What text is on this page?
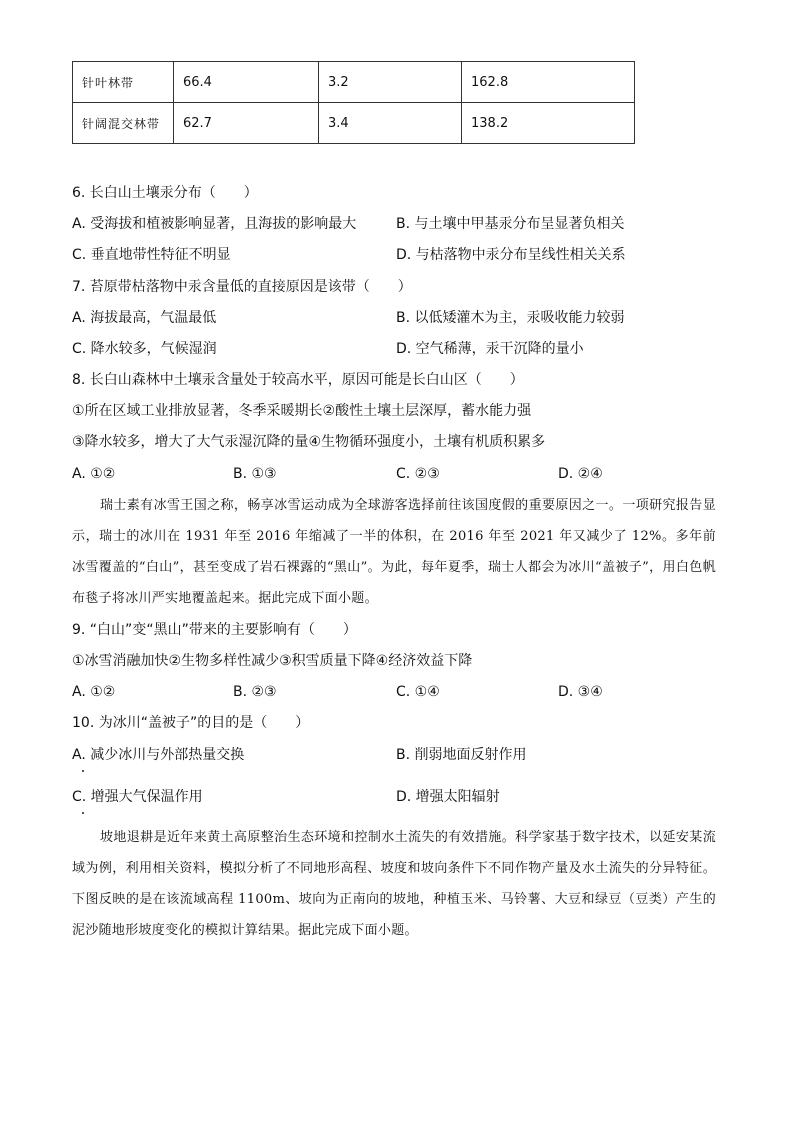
针叶林带	66.4	3.2	162.8
针阔混交林带	62.7	3.4	138.2
6. 长白山土壤汞分布（　　）
A. 受海拔和植被影响显著，且海拔的影响最大	B. 与土壤中甲基汞分布呈显著负相关
C. 垂直地带性特征不明显	D. 与枯落物中汞分布呈线性相关关系
7. 苔原带枯落物中汞含量低的直接原因是该带（　　）
A. 海拔最高，气温最低	B. 以低矮灌木为主，汞吸收能力较弱
C. 降水较多，气候湿润	D. 空气稀薄，汞干沉降的量小
8. 长白山森林中土壤汞含量处于较高水平，原因可能是长白山区（　　）
①所在区域工业排放显著，冬季采暖期长②酸性土壤土层深厚，蓄水能力强
③降水较多，增大了大气汞湿沉降的量④生物循环强度小，土壤有机质积累多
A. ①②	B. ①③	C. ②③	D. ②④
瑞士素有冰雪王国之称，畅享冰雪运动成为全球游客选择前往该国度假的重要原因之一。一项研究报告显示，瑞士的冰川在 1931 年至 2016 年缩减了一半的体积，在 2016 年至 2021 年又减少了 12%。多年前冰雪覆盖的“白山”，甚至变成了岩石裸露的“黑山”。为此，每年夏季，瑞士人都会为冰川“盖被子”，用白色帆布毯子将冰川严实地覆盖起来。据此完成下面小题。
9. “白山”变“黑山”带来的主要影响有（　　）
①冰雪消融加快②生物多样性减少③积雪质量下降④经济效益下降
A. ①②	B. ②③	C. ①④	D. ③④
10. 为冰川“盖被子”的目的是（　　）
A. 减少冰川与外部热量交换	B. 削弱地面反射作用
C. 增强大气保温作用	D. 增强太阳辐射
坡地退耕是近年来黄土高原整治生态环境和控制水土流失的有效措施。科学家基于数字技术，以延安某流域为例，利用相关资料，模拟分析了不同地形高程、坡度和坡向条件下不同作物产量及水土流失的分异特征。下图反映的是在该流域高程 1100m、坡向为正南向的坡地，种植玉米、马铃薯、大豆和绿豆（豆类）产生的泥沙随地形坡度变化的模拟计算结果。据此完成下面小题。
